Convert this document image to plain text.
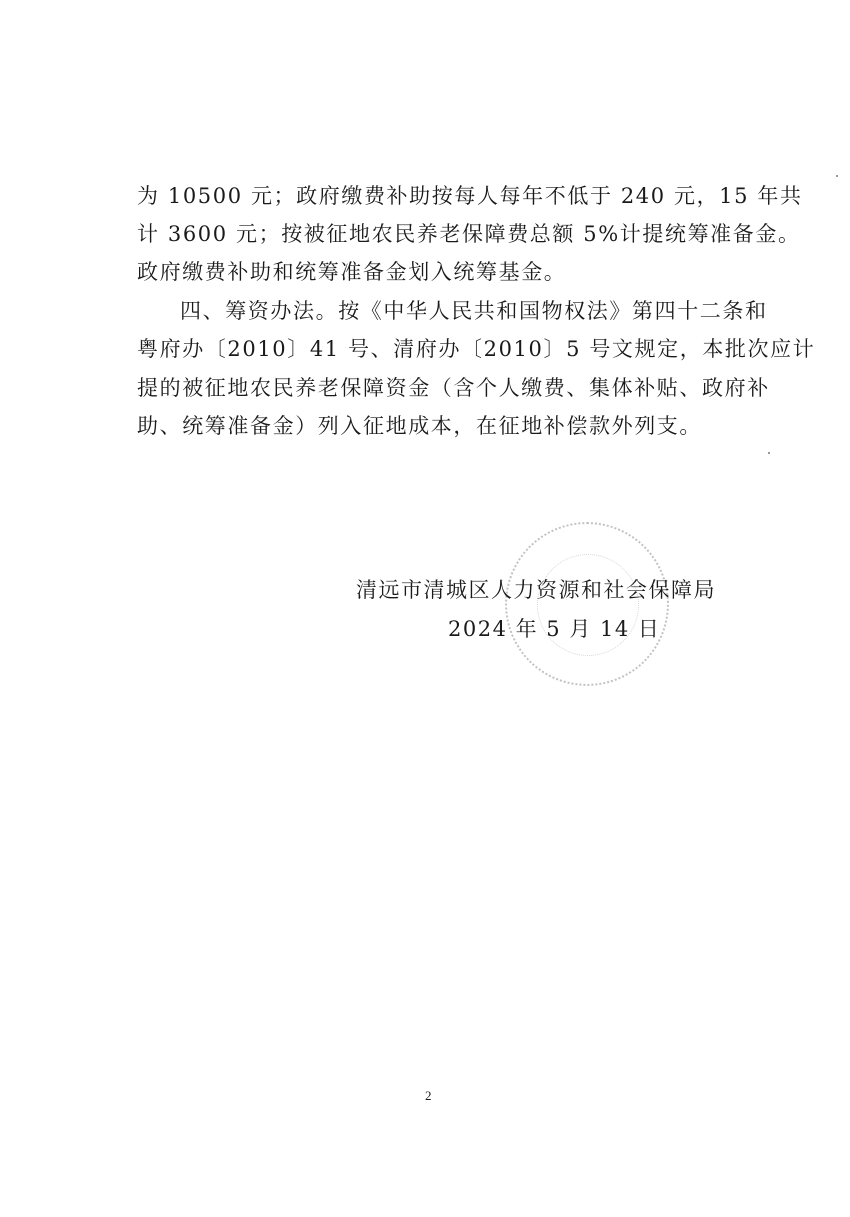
为 10500 元；政府缴费补助按每人每年不低于 240 元，15 年共
计 3600 元；按被征地农民养老保障费总额 5%计提统筹准备金。
政府缴费补助和统筹准备金划入统筹基金。
四、筹资办法。按《中华人民共和国物权法》第四十二条和
粤府办〔2010〕41 号、清府办〔2010〕5 号文规定，本批次应计
提的被征地农民养老保障资金（含个人缴费、集体补贴、政府补
助、统筹准备金）列入征地成本，在征地补偿款外列支。
清远市清城区人力资源和社会保障局
2024 年 5 月 14 日
2
